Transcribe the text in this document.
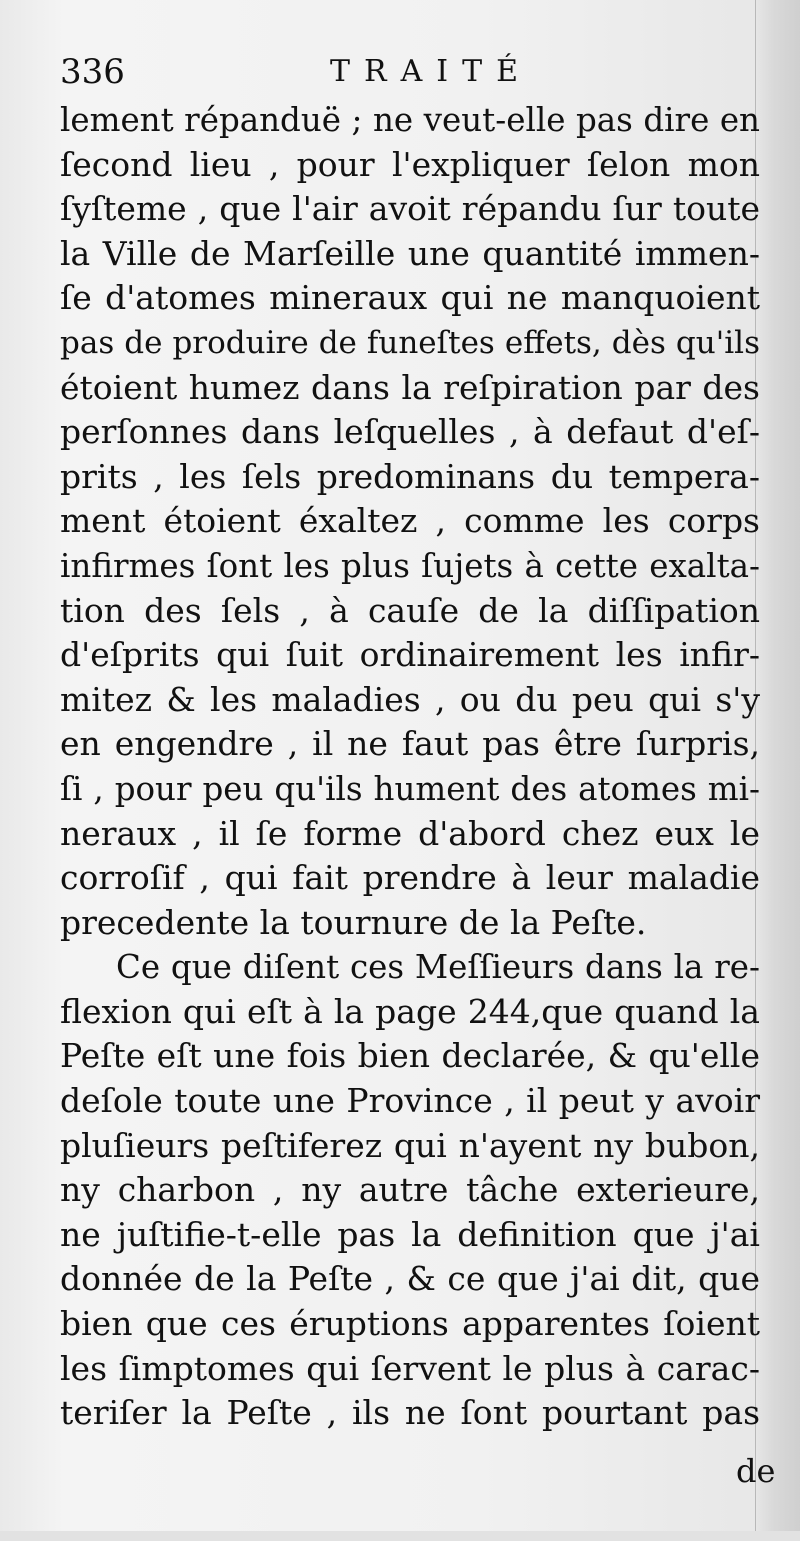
336	TRAITÉ
lement répanduë ; ne veut-elle pas dire en
ſecond lieu , pour l'expliquer ſelon mon
ſyſteme , que l'air avoit répandu ſur toute
la Ville de Marſeille une quantité immen-
ſe d'atomes mineraux qui ne manquoient
pas de produire de funeſtes effets, dès qu'ils
étoient humez dans la reſpiration par des
perſonnes dans leſquelles , à defaut d'eſ-
prits , les ſels predominans du tempera-
ment étoient éxaltez , comme les corps
infirmes ſont les plus ſujets à cette exalta-
tion des ſels , à cauſe de la diſſipation
d'eſprits qui ſuit ordinairement les infir-
mitez & les maladies , ou du peu qui s'y
en engendre , il ne faut pas être ſurpris,
ſi , pour peu qu'ils hument des atomes mi-
neraux , il ſe forme d'abord chez eux le
corroſif , qui fait prendre à leur maladie
precedente la tournure de la Peſte.
Ce que diſent ces Meſſieurs dans la re-
flexion qui eſt à la page 244,que quand la
Peſte eſt une fois bien declarée, & qu'elle
deſole toute une Province , il peut y avoir
pluſieurs peſtiferez qui n'ayent ny bubon,
ny charbon , ny autre tâche exterieure,
ne juſtifie-t-elle pas la definition que j'ai
donnée de la Peſte , & ce que j'ai dit, que
bien que ces éruptions apparentes ſoient
les ſimptomes qui ſervent le plus à carac-
teriſer la Peſte , ils ne ſont pourtant pas
de
